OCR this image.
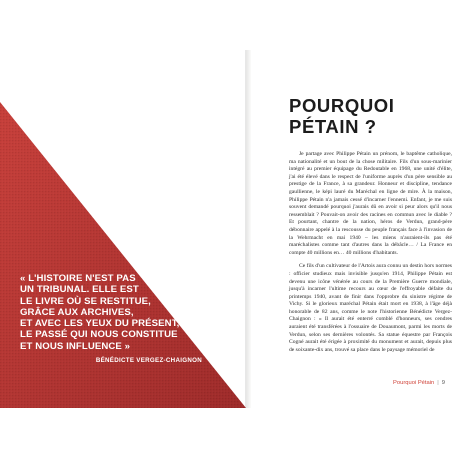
« L'HISTOIRE N'EST PAS
UN TRIBUNAL. ELLE EST
LE LIVRE OÙ SE RESTITUE,
GRÂCE AUX ARCHIVES,
ET AVEC LES YEUX DU PRÉSENT,
LE PASSÉ QUI NOUS CONSTITUE
ET NOUS INFLUENCE »
BÉNÉDICTE VERGEZ-CHAIGNON
POURQUOI
PÉTAIN ?

Je partage avec Philippe Pétain un prénom, le baptême catholique, ma nationalité et un bout de la chose militaire. Fils d'un sous-marinier intégré au premier équipage du Redoutable en 1968, une unité d'élite, j'ai été élevé dans le respect de l'uniforme auprès d'un père sensible au prestige de la France, à sa grandeur. Honneur et discipline, tendance gaullienne, le képi lauré du Maréchal en ligne de mire. À la maison, Philippe Pétain n'a jamais cessé d'incarner l'ennemi. Enfant, je me suis souvent demandé pourquoi j'aurais dû en avoir si peur alors qu'il nous ressemblait ? Pouvait-on avoir des racines en commun avec le diable ? Et pourtant, chantre de la nation, héros de Verdun, grand-père débonnaire appelé à la rescousse du peuple français face à l'invasion de la Wehrmacht en mai 1940 – les miens n'auraient-ils pas été maréchalistes comme tant d'autres dans la débâcle… / La France en compte 40 millions en… 40 millions d'habitants.

Ce fils d'un cultivateur de l'Artois aura connu un destin hors normes : officier studieux mais invisible jusqu'en 1914, Philippe Pétain est devenu une icône vénérée au cours de la Première Guerre mondiale, jusqu'à incarner l'ultime recours au cœur de l'effroyable défaite du printemps 1940, avant de finir dans l'opprobre du sinistre régime de Vichy. Si le glorieux maréchal Pétain était mort en 1938, à l'âge déjà honorable de 82 ans, comme le note l'historienne Bénédicte Vergez-Chaignon : « Il aurait été enterré comblé d'honneurs, ses cendres auraient été transférées à l'ossuaire de Douaumont, parmi les morts de Verdun, selon ses dernières volontés. Sa statue équestre par François Cogné aurait été érigée à proximité du monument et aurait, depuis plus de soixante-dix ans, trouvé sa place dans le paysage mémoriel de

Pourquoi Pétain | 9
